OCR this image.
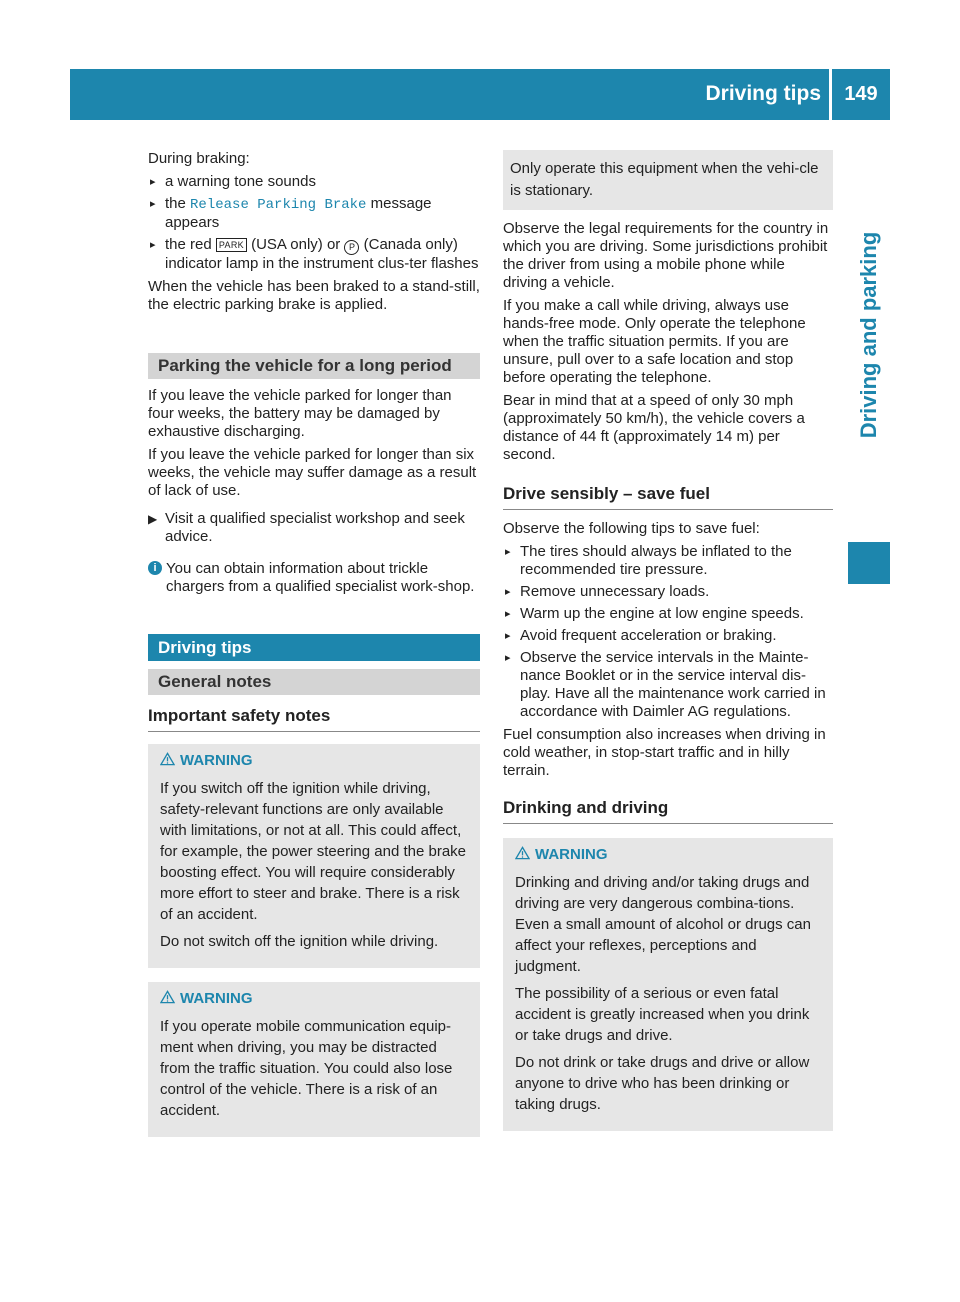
Driving tips	149
Driving and parking

During braking:

▸ a warning tone sounds
▸ the Release Parking Brake message appears
▸ the red PARK (USA only) or P (Canada only) indicator lamp in the instrument clus-ter flashes

When the vehicle has been braked to a stand-still, the electric parking brake is applied.

Parking the vehicle for a long period

If you leave the vehicle parked for longer than four weeks, the battery may be damaged by exhaustive discharging.

If you leave the vehicle parked for longer than six weeks, the vehicle may suffer damage as a result of lack of use.

▶ Visit a qualified specialist workshop and seek advice.
i You can obtain information about trickle chargers from a qualified specialist work-shop.
Driving tips
General notes
Important safety notes
WARNING

If you switch off the ignition while driving, safety-relevant functions are only available with limitations, or not at all. This could affect, for example, the power steering and the brake boosting effect. You will require considerably more effort to steer and brake. There is a risk of an accident.

Do not switch off the ignition while driving.

WARNING

If you operate mobile communication equip-ment when driving, you may be distracted from the traffic situation. You could also lose control of the vehicle. There is a risk of an accident.

Only operate this equipment when the vehi-cle is stationary.

Observe the legal requirements for the country in which you are driving. Some jurisdictions prohibit the driver from using a mobile phone while driving a vehicle.

If you make a call while driving, always use hands-free mode. Only operate the telephone when the traffic situation permits. If you are unsure, pull over to a safe location and stop before operating the telephone.

Bear in mind that at a speed of only 30 mph (approximately 50 km/h), the vehicle covers a distance of 44 ft (approximately 14 m) per second.

Drive sensibly – save fuel

Observe the following tips to save fuel:

▸ The tires should always be inflated to the recommended tire pressure.
▸ Remove unnecessary loads.
▸ Warm up the engine at low engine speeds.
▸ Avoid frequent acceleration or braking.
▸ Observe the service intervals in the Mainte-nance Booklet or in the service interval dis-play. Have all the maintenance work carried in accordance with Daimler AG regulations.

Fuel consumption also increases when driving in cold weather, in stop-start traffic and in hilly terrain.

Drinking and driving
WARNING

Drinking and driving and/or taking drugs and driving are very dangerous combina-tions. Even a small amount of alcohol or drugs can affect your reflexes, perceptions and judgment.

The possibility of a serious or even fatal accident is greatly increased when you drink or take drugs and drive.

Do not drink or take drugs and drive or allow anyone to drive who has been drinking or taking drugs.
